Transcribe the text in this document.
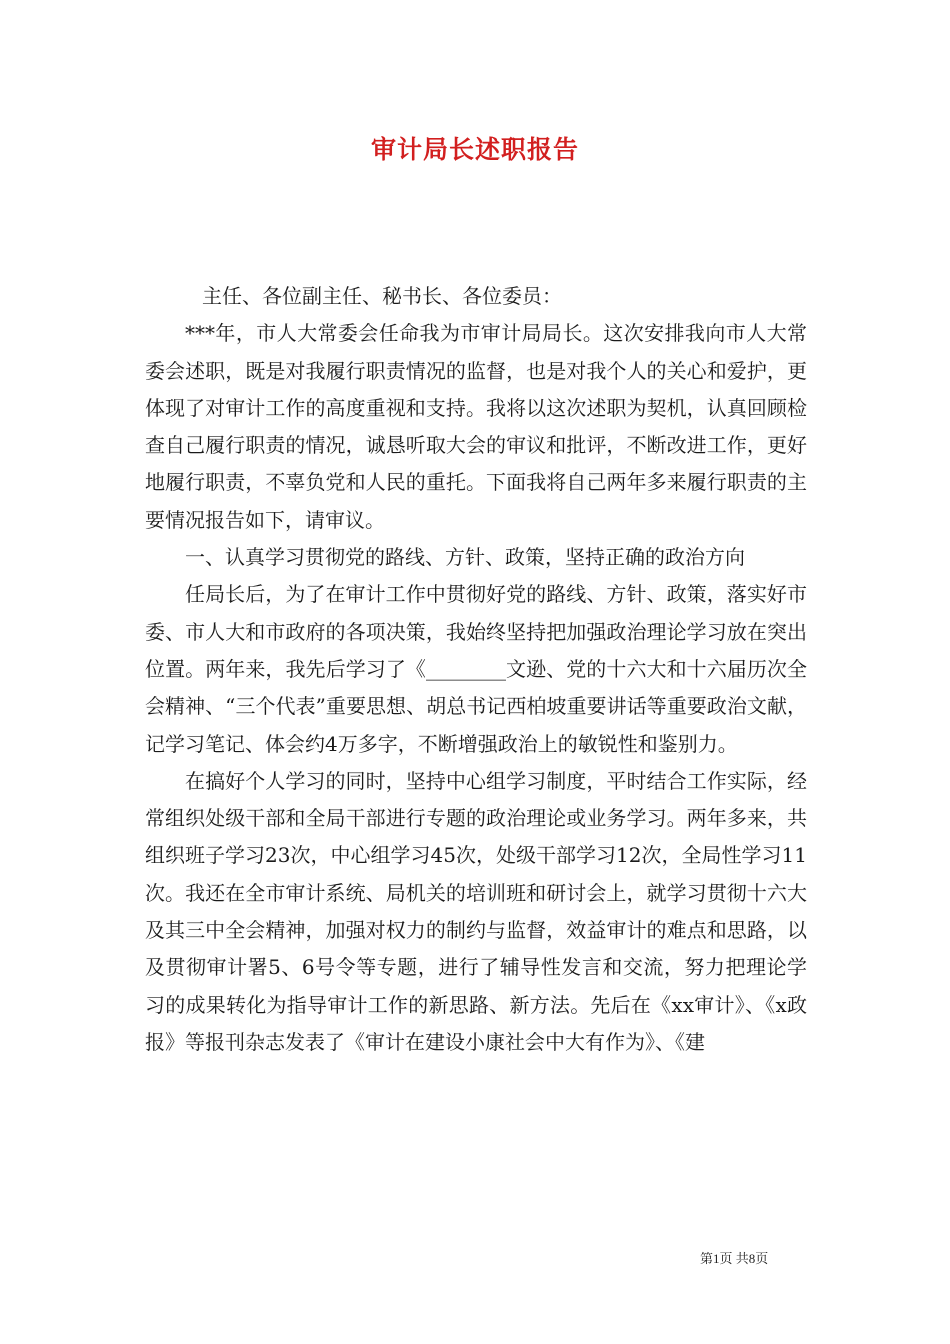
审计局长述职报告

主任、各位副主任、秘书长、各位委员：

***年，市人大常委会任命我为市审计局局长。这次安排我向市人大常委会述职，既是对我履行职责情况的监督，也是对我个人的关心和爱护，更体现了对审计工作的高度重视和支持。我将以这次述职为契机，认真回顾检查自己履行职责的情况，诚恳听取大会的审议和批评，不断改进工作，更好地履行职责，不辜负党和人民的重托。下面我将自己两年多来履行职责的主要情况报告如下，请审议。

一、认真学习贯彻党的路线、方针、政策，坚持正确的政治方向

任局长后，为了在审计工作中贯彻好党的路线、方针、政策，落实好市委、市人大和市政府的各项决策，我始终坚持把加强政治理论学习放在突出位置。两年来，我先后学习了《________文逊、党的十六大和十六届历次全会精神、“三个代表”重要思想、胡总书记西柏坡重要讲话等重要政治文献，记学习笔记、体会约4万多字，不断增强政治上的敏锐性和鉴别力。

在搞好个人学习的同时，坚持中心组学习制度，平时结合工作实际，经常组织处级干部和全局干部进行专题的政治理论或业务学习。两年多来，共组织班子学习23次，中心组学习45次，处级干部学习12次，全局性学习11次。我还在全市审计系统、局机关的培训班和研讨会上，就学习贯彻十六大及其三中全会精神，加强对权力的制约与监督，效益审计的难点和思路，以及贯彻审计署5、6号令等专题，进行了辅导性发言和交流，努力把理论学习的成果转化为指导审计工作的新思路、新方法。先后在《xx审计》、《x政报》等报刊杂志发表了《审计在建设小康社会中大有作为》、《建

第1页 共8页
